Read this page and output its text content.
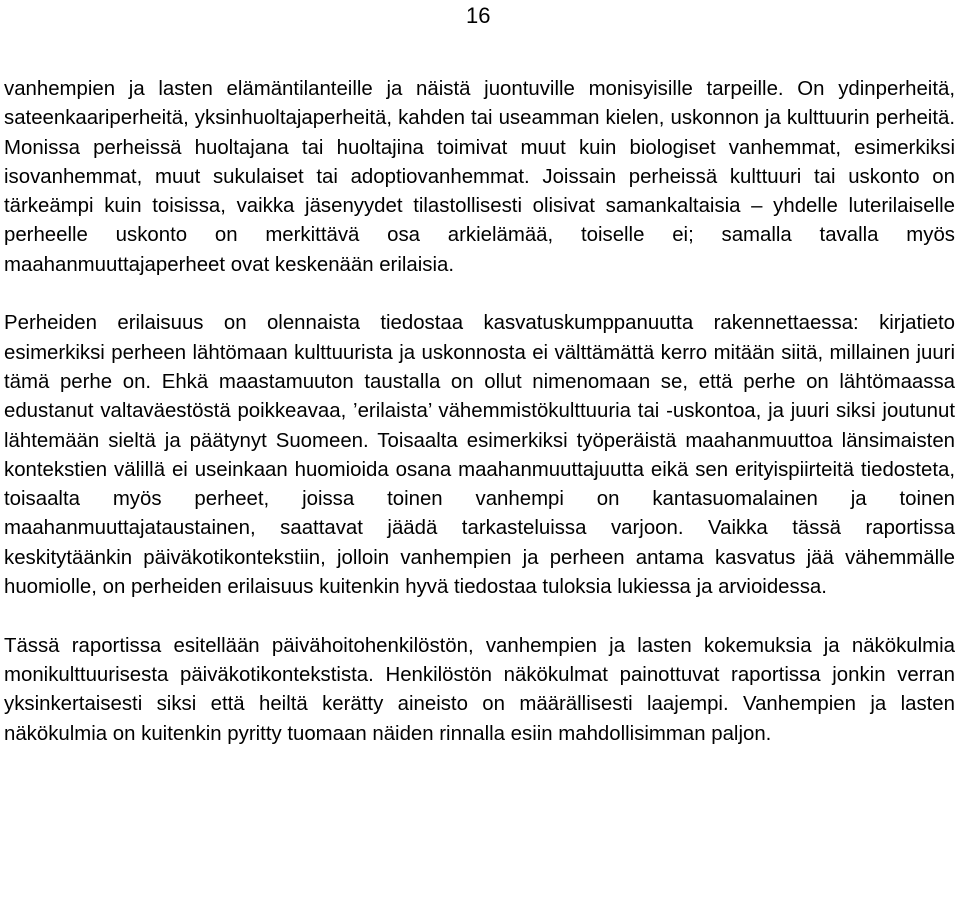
16

vanhempien ja lasten elämäntilanteille ja näistä juontuville monisyisille tarpeille. On ydinperheitä, sateenkaariperheitä, yksinhuoltajaperheitä, kahden tai useamman kielen, uskonnon ja kulttuurin perheitä. Monissa perheissä huoltajana tai huoltajina toimivat muut kuin biologiset vanhemmat, esimerkiksi isovanhemmat, muut sukulaiset tai adoptiovanhemmat. Joissain perheissä kulttuuri tai uskonto on tärkeämpi kuin toisissa, vaikka jäsenyydet tilastollisesti olisivat samankaltaisia – yhdelle luterilaiselle perheelle uskonto on merkittävä osa arkielämää, toiselle ei; samalla tavalla myös maahanmuuttajaperheet ovat keskenään erilaisia.

Perheiden erilaisuus on olennaista tiedostaa kasvatuskumppanuutta rakennettaessa: kirjatieto esimerkiksi perheen lähtömaan kulttuurista ja uskonnosta ei välttämättä kerro mitään siitä, millainen juuri tämä perhe on. Ehkä maastamuuton taustalla on ollut nimenomaan se, että perhe on lähtömaassa edustanut valtaväestöstä poikkeavaa, ’erilaista’ vähemmistökulttuuria tai -uskontoa, ja juuri siksi joutunut lähtemään sieltä ja päätynyt Suomeen. Toisaalta esimerkiksi työperäistä maahanmuuttoa länsimaisten kontekstien välillä ei useinkaan huomioida osana maahanmuuttajuutta eikä sen erityispiirteitä tiedosteta, toisaalta myös perheet, joissa toinen vanhempi on kantasuomalainen ja toinen maahanmuuttajataustainen, saattavat jäädä tarkasteluissa varjoon. Vaikka tässä raportissa keskitytäänkin päiväkotikontekstiin, jolloin vanhempien ja perheen antama kasvatus jää vähemmälle huomiolle, on perheiden erilaisuus kuitenkin hyvä tiedostaa tuloksia lukiessa ja arvioidessa.

Tässä raportissa esitellään päivähoitohenkilöstön, vanhempien ja lasten kokemuksia ja näkökulmia monikulttuurisesta päiväkotikontekstista. Henkilöstön näkökulmat painottuvat raportissa jonkin verran yksinkertaisesti siksi että heiltä kerätty aineisto on määrällisesti laajempi. Vanhempien ja lasten näkökulmia on kuitenkin pyritty tuomaan näiden rinnalla esiin mahdollisimman paljon.
